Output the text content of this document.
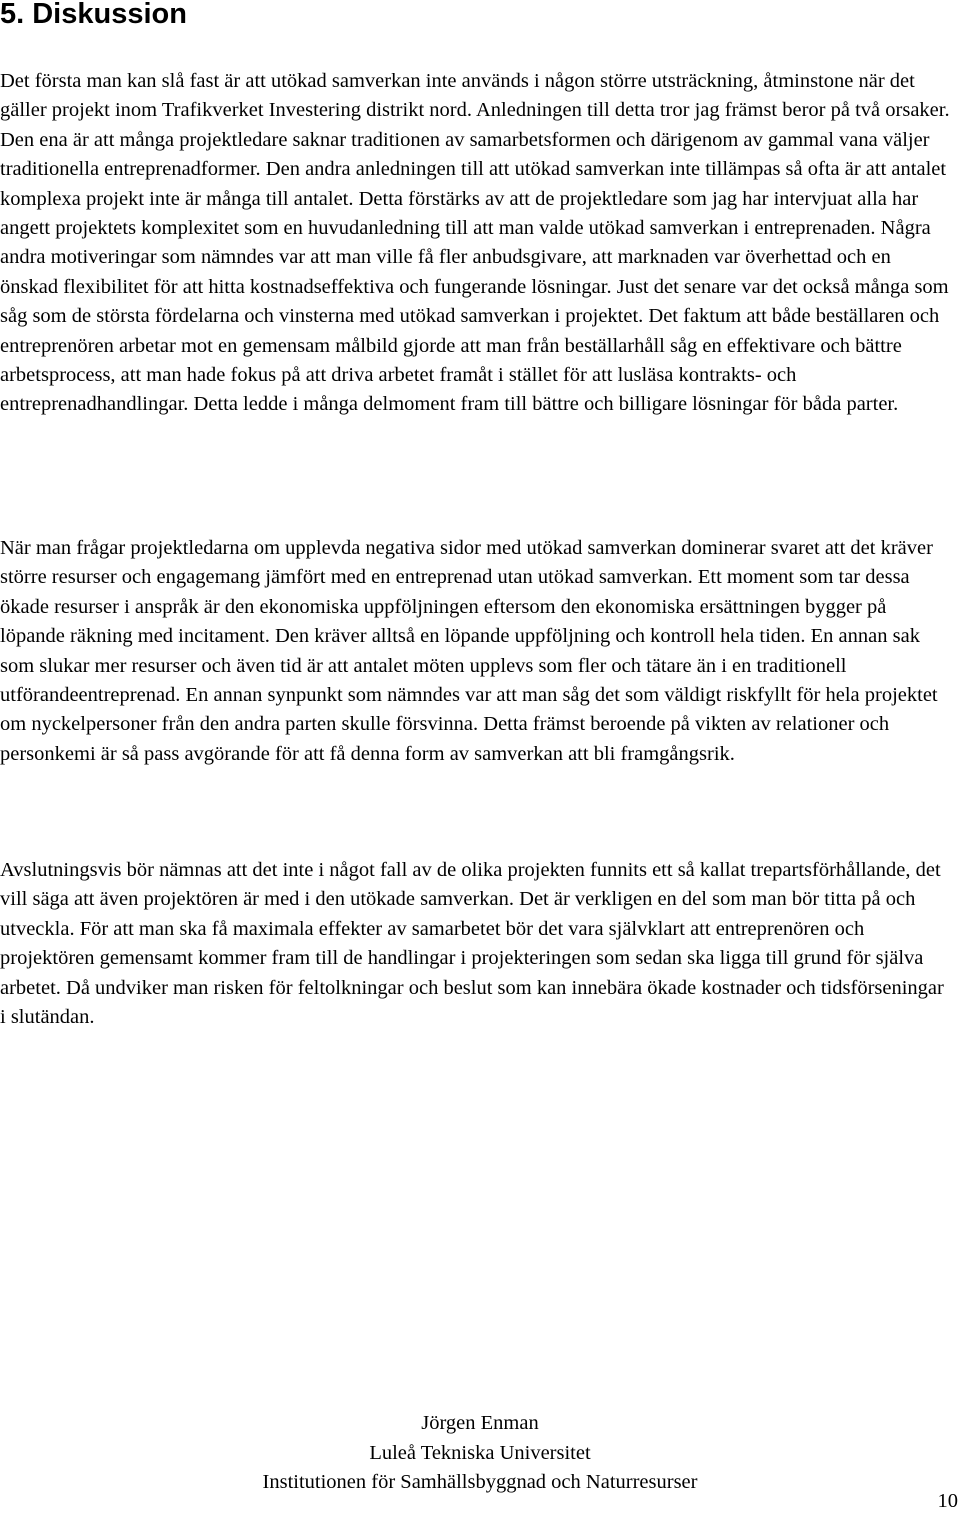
5. Diskussion

Det första man kan slå fast är att utökad samverkan inte används i någon större utsträckning, åtminstone när det gäller projekt inom Trafikverket Investering distrikt nord. Anledningen till detta tror jag främst beror på två orsaker. Den ena är att många projektledare saknar traditionen av samarbetsformen och därigenom av gammal vana väljer traditionella entreprenadformer. Den andra anledningen till att utökad samverkan inte tillämpas så ofta är att antalet komplexa projekt inte är många till antalet. Detta förstärks av att de projektledare som jag har intervjuat alla har angett projektets komplexitet som en huvudanledning till att man valde utökad samverkan i entreprenaden. Några andra motiveringar som nämndes var att man ville få fler anbudsgivare, att marknaden var överhettad och en önskad flexibilitet för att hitta kostnadseffektiva och fungerande lösningar. Just det senare var det också många som såg som de största fördelarna och vinsterna med utökad samverkan i projektet. Det faktum att både beställaren och entreprenören arbetar mot en gemensam målbild gjorde att man från beställarhåll såg en effektivare och bättre arbetsprocess, att man hade fokus på att driva arbetet framåt i stället för att lusläsa kontrakts- och entreprenadhandlingar. Detta ledde i många delmoment fram till bättre och billigare lösningar för båda parter.

När man frågar projektledarna om upplevda negativa sidor med utökad samverkan dominerar svaret att det kräver större resurser och engagemang jämfört med en entreprenad utan utökad samverkan. Ett moment som tar dessa ökade resurser i anspråk är den ekonomiska uppföljningen eftersom den ekonomiska ersättningen bygger på löpande räkning med incitament. Den kräver alltså en löpande uppföljning och kontroll hela tiden. En annan sak som slukar mer resurser och även tid är att antalet möten upplevs som fler och tätare än i en traditionell utförandeentreprenad. En annan synpunkt som nämndes var att man såg det som väldigt riskfyllt för hela projektet om nyckelpersoner från den andra parten skulle försvinna. Detta främst beroende på vikten av relationer och personkemi är så pass avgörande för att få denna form av samverkan att bli framgångsrik.

Avslutningsvis bör nämnas att det inte i något fall av de olika projekten funnits ett så kallat trepartsförhållande, det vill säga att även projektören är med i den utökade samverkan. Det är verkligen en del som man bör titta på och utveckla. För att man ska få maximala effekter av samarbetet bör det vara självklart att entreprenören och projektören gemensamt kommer fram till de handlingar i projekteringen som sedan ska ligga till grund för själva arbetet. Då undviker man risken för feltolkningar och beslut som kan innebära ökade kostnader och tidsförseningar i slutändan.

Jörgen Enman
Luleå Tekniska Universitet
Institutionen för Samhällsbyggnad och Naturresurser
10
